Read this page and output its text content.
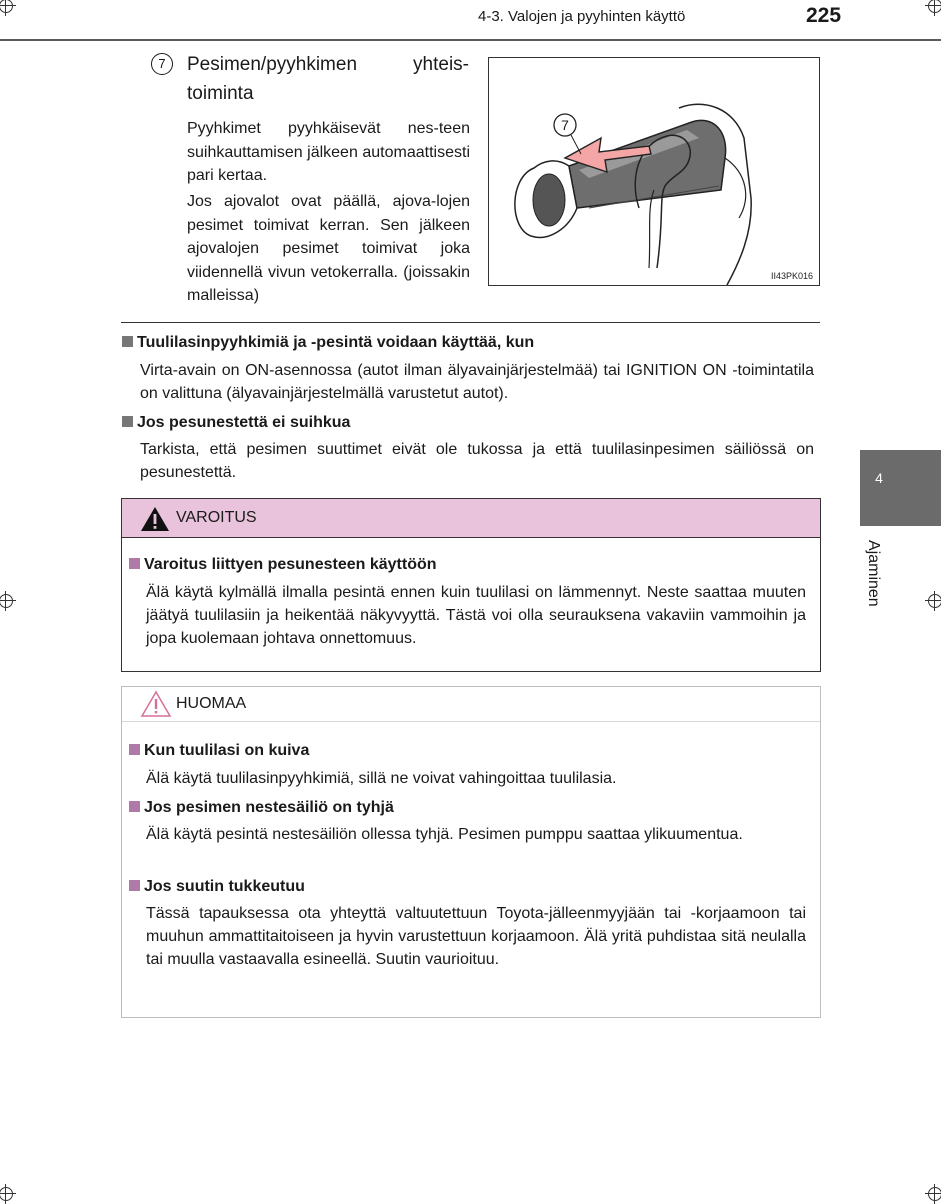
4-3. Valojen ja pyyhinten käyttö	225
4
Ajaminen
7	Pesimen/pyyhkimen yhteis-toiminta
Pyyhkimet pyyhkäisevät nes-teen suihkauttamisen jälkeen automaattisesti pari kertaa.
Jos ajovalot ovat päällä, ajova-lojen pesimet toimivat kerran. Sen jälkeen ajovalojen pesimet toimivat joka viidennellä vivun vetokerralla. (joissakin malleissa)
7
II43PK016
Tuulilasinpyyhkimiä ja -pesintä voidaan käyttää, kun
Virta-avain on ON-asennossa (autot ilman älyavainjärjestelmää) tai IGNITION ON -toimintatila on valittuna (älyavainjärjestelmällä varustetut autot).
Jos pesunestettä ei suihkua
Tarkista, että pesimen suuttimet eivät ole tukossa ja että tuulilasinpesimen säiliössä on pesunestettä.
VAROITUS
Varoitus liittyen pesunesteen käyttöön
Älä käytä kylmällä ilmalla pesintä ennen kuin tuulilasi on lämmennyt. Neste saattaa muuten jäätyä tuulilasiin ja heikentää näkyvyyttä. Tästä voi olla seurauksena vakaviin vammoihin ja jopa kuolemaan johtava onnettomuus.
HUOMAA
Kun tuulilasi on kuiva
Älä käytä tuulilasinpyyhkimiä, sillä ne voivat vahingoittaa tuulilasia.
Jos pesimen nestesäiliö on tyhjä
Älä käytä pesintä nestesäiliön ollessa tyhjä. Pesimen pumppu saattaa ylikuumentua.
Jos suutin tukkeutuu
Tässä tapauksessa ota yhteyttä valtuutettuun Toyota-jälleenmyyjään tai -korjaamoon tai muuhun ammattitaitoiseen ja hyvin varustettuun korjaamoon. Älä yritä puhdistaa sitä neulalla tai muulla vastaavalla esineellä. Suutin vaurioituu.
